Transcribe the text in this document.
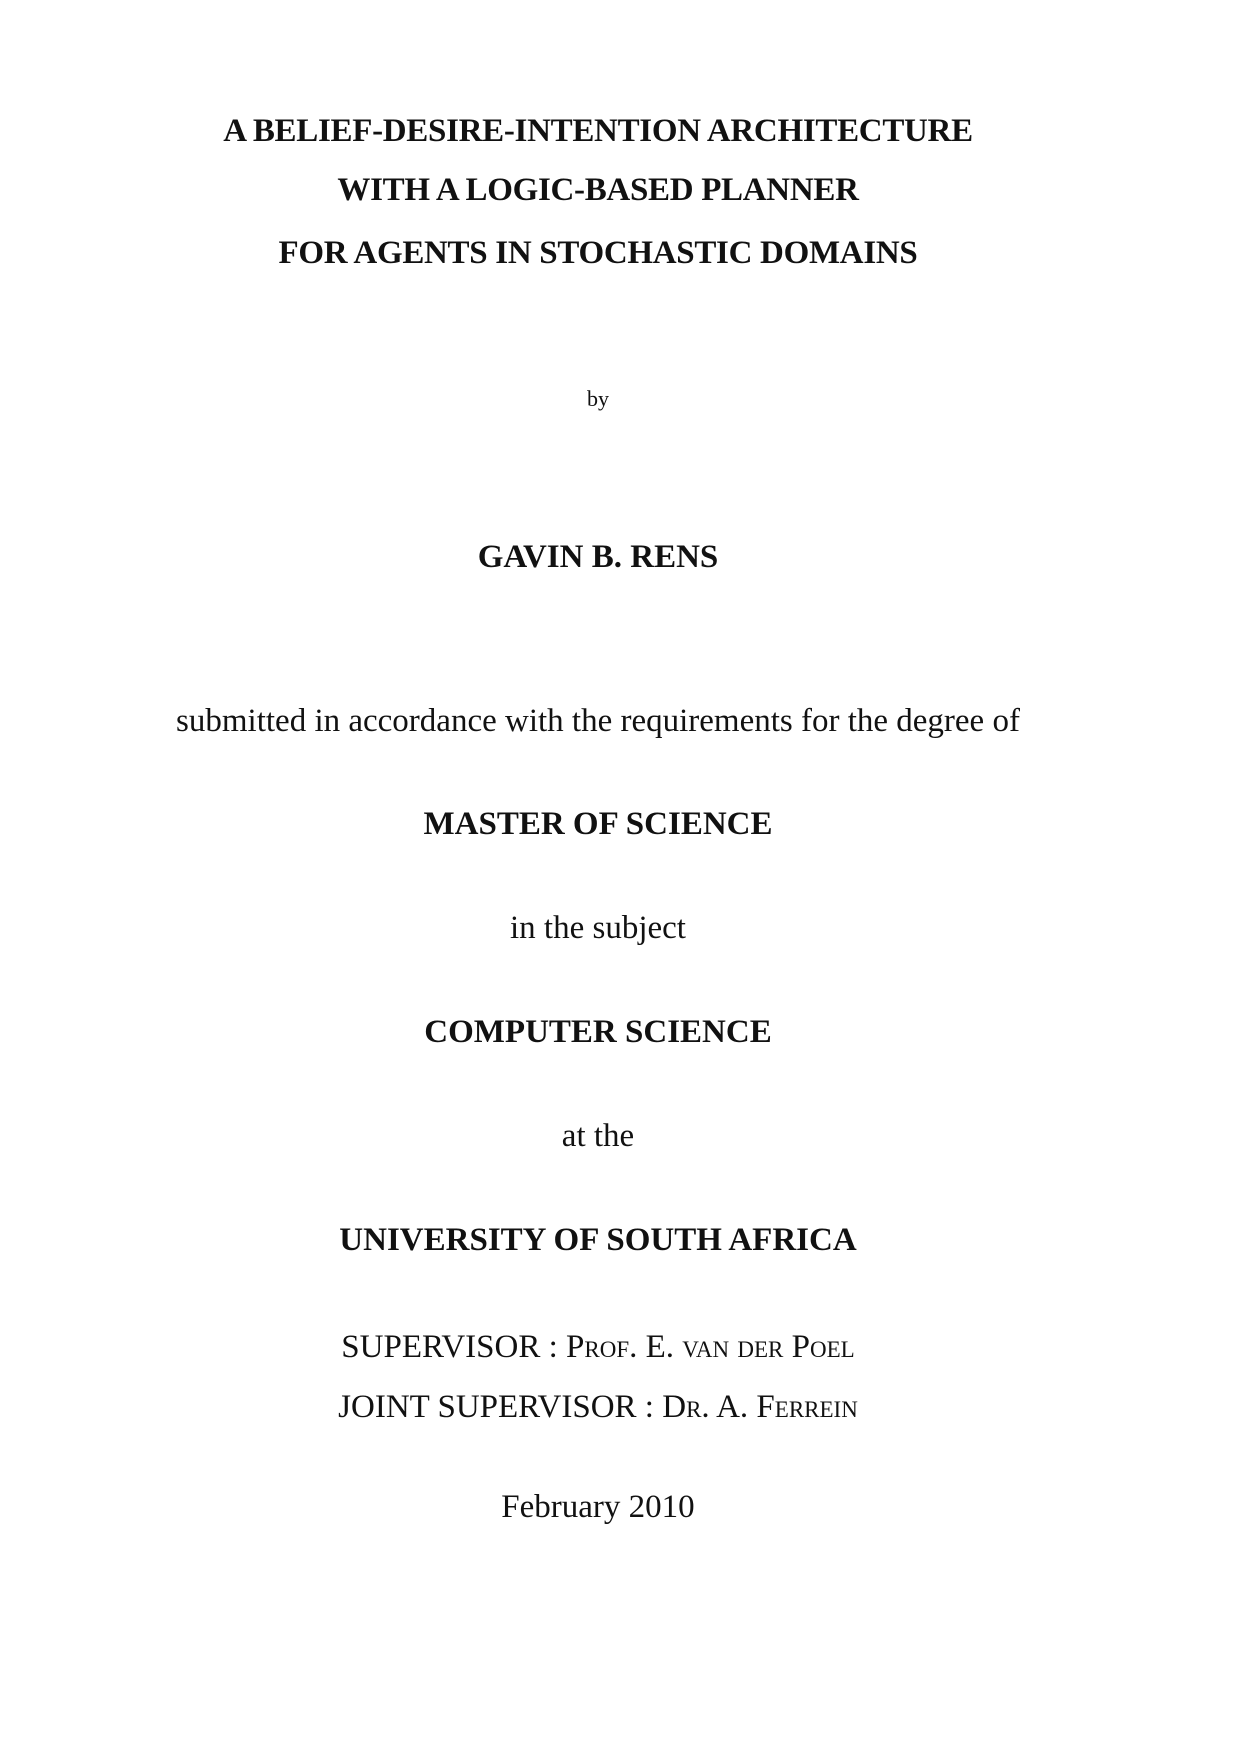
A BELIEF-DESIRE-INTENTION ARCHITECTURE
WITH A LOGIC-BASED PLANNER
FOR AGENTS IN STOCHASTIC DOMAINS
by
GAVIN B. RENS
submitted in accordance with the requirements for the degree of
MASTER OF SCIENCE
in the subject
COMPUTER SCIENCE
at the
UNIVERSITY OF SOUTH AFRICA
SUPERVISOR : Prof. E. van der Poel
JOINT SUPERVISOR : Dr. A. Ferrein
February 2010
